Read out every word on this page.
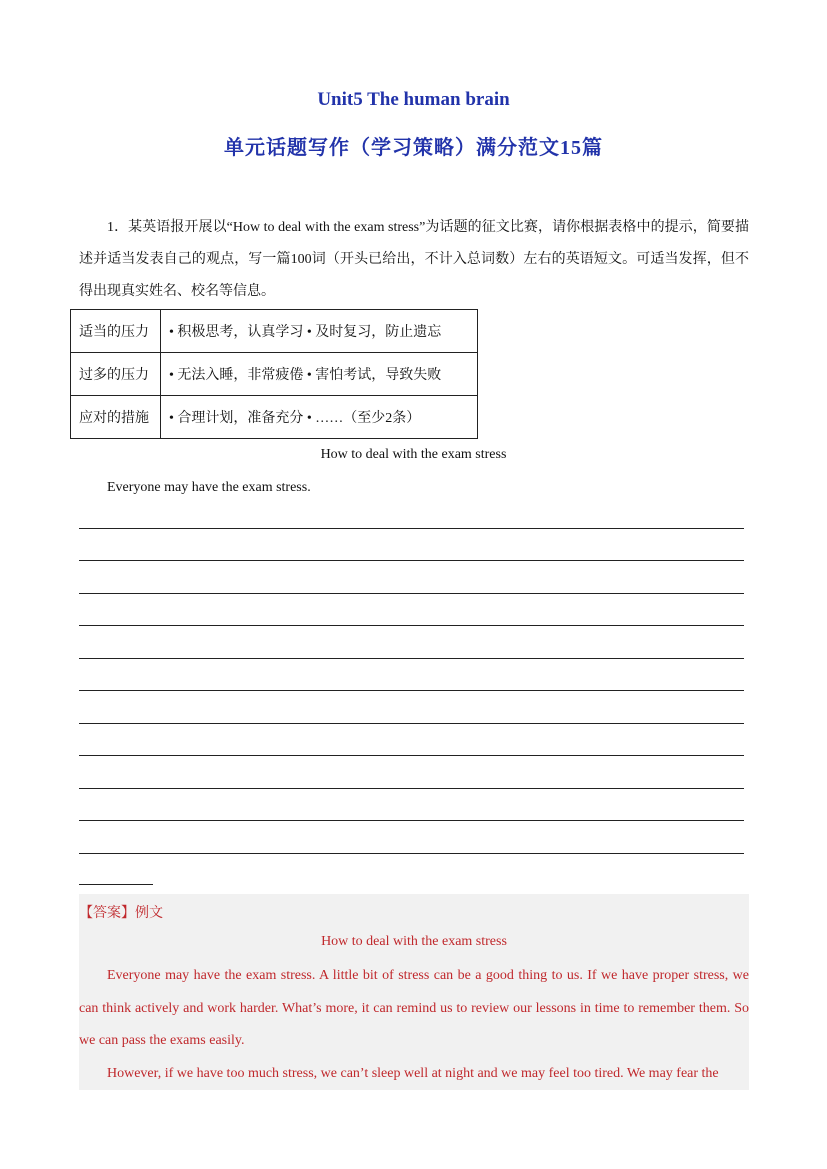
Unit5 The human brain
单元话题写作（学习策略）满分范文15篇
1．某英语报开展以“How to deal with the exam stress”为话题的征文比赛，请你根据表格中的提示，简要描述并适当发表自己的观点，写一篇100词（开头已给出，不计入总词数）左右的英语短文。可适当发挥，但不得出现真实姓名、校名等信息。
适当的压力	• 积极思考，认真学习 • 及时复习，防止遗忘
过多的压力	• 无法入睡，非常疲倦 • 害怕考试，导致失败
应对的措施	• 合理计划，准备充分 • ……（至少2条）
How to deal with the exam stress
Everyone may have the exam stress.
【答案】例文
How to deal with the exam stress

Everyone may have the exam stress. A little bit of stress can be a good thing to us. If we have proper stress, we can think actively and work harder. What’s more, it can remind us to review our lessons in time to remember them. So we can pass the exams easily.

However, if we have too much stress, we can’t sleep well at night and we may feel too tired. We may fear the
